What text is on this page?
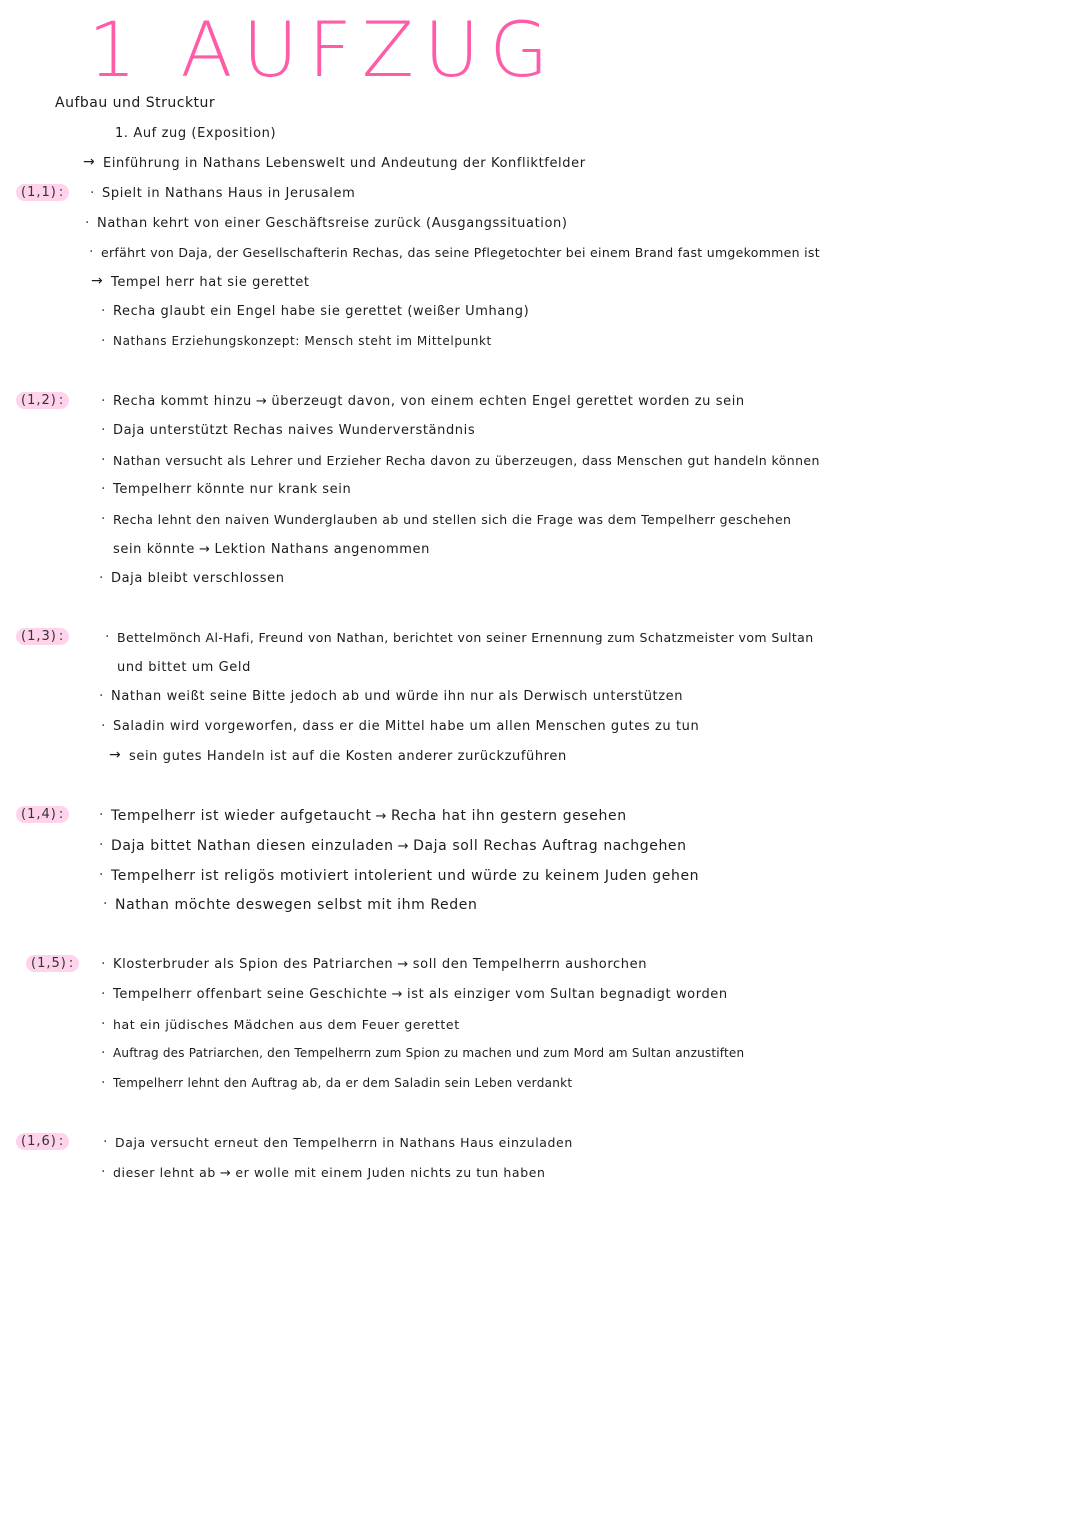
1 AUFZUG
Aufbau und Strucktur
1. Auf zug (Exposition)
→ Einführung in Nathans Lebenswelt und Andeutung der Konfliktfelder
(1,1) :	· Spielt in Nathans Haus in Jerusalem
· Nathan kehrt von einer Geschäftsreise zurück (Ausgangssituation)
· erfährt von Daja, der Gesellschafterin Rechas, das seine Pflegetochter bei einem Brand fast umgekommen ist
→ Tempel herr hat sie gerettet
· Recha glaubt ein Engel habe sie gerettet (weißer Umhang)
· Nathans Erziehungskonzept: Mensch steht im Mittelpunkt
(1,2) :	· Recha kommt hinzu → überzeugt davon, von einem echten Engel gerettet worden zu sein
· Daja unterstützt Rechas naives Wunderverständnis
· Nathan versucht als Lehrer und Erzieher Recha davon zu überzeugen, dass Menschen gut handeln können
· Tempelherr könnte nur krank sein
· Recha lehnt den naiven Wunderglauben ab und stellen sich die Frage was dem Tempelherr geschehen
sein könnte → Lektion Nathans angenommen
· Daja bleibt verschlossen
(1,3) :	· Bettelmönch Al-Hafi, Freund von Nathan, berichtet von seiner Ernennung zum Schatzmeister vom Sultan
und bittet um Geld
· Nathan weißt seine Bitte jedoch ab und würde ihn nur als Derwisch unterstützen
· Saladin wird vorgeworfen, dass er die Mittel habe um allen Menschen gutes zu tun
→ sein gutes Handeln ist auf die Kosten anderer zurückzuführen
(1,4) :	· Tempelherr ist wieder aufgetaucht → Recha hat ihn gestern gesehen
· Daja bittet Nathan diesen einzuladen → Daja soll Rechas Auftrag nachgehen
· Tempelherr ist religös motiviert intolerient und würde zu keinem Juden gehen
· Nathan möchte deswegen selbst mit ihm Reden
(1,5) :	· Klosterbruder als Spion des Patriarchen → soll den Tempelherrn aushorchen
· Tempelherr offenbart seine Geschichte → ist als einziger vom Sultan begnadigt worden
· hat ein jüdisches Mädchen aus dem Feuer gerettet
· Auftrag des Patriarchen, den Tempelherrn zum Spion zu machen und zum Mord am Sultan anzustiften
· Tempelherr lehnt den Auftrag ab, da er dem Saladin sein Leben verdankt
(1,6) :	· Daja versucht erneut den Tempelherrn in Nathans Haus einzuladen
· dieser lehnt ab → er wolle mit einem Juden nichts zu tun haben
